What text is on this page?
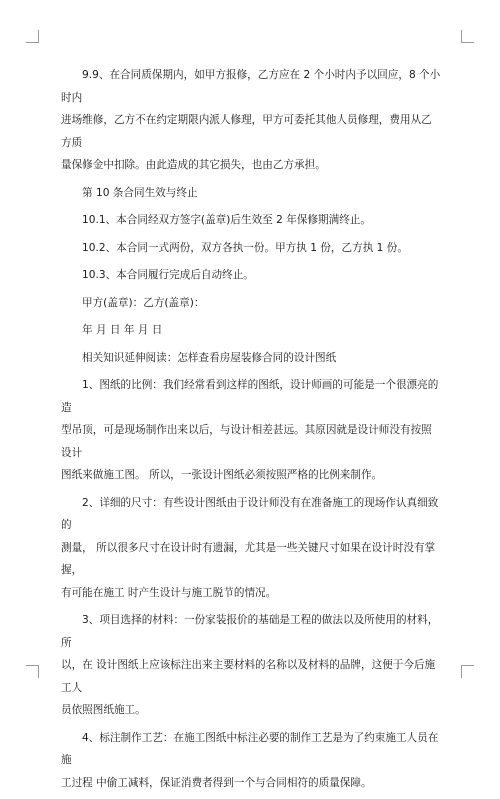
9.9、在合同质保期内，如甲方报修，乙方应在 2 个小时内予以回应，8 个小时内
进场维修，乙方不在约定期限内派人修理，甲方可委托其他人员修理，费用从乙方质
量保修金中扣除。由此造成的其它损失，也由乙方承担。

第 10 条合同生效与终止

10.1、本合同经双方签字(盖章)后生效至 2 年保修期满终止。

10.2、本合同一式两份，双方各执一份。甲方执 1 份，乙方执 1 份。

10.3、本合同履行完成后自动终止。

甲方(盖章)：乙方(盖章)：

年 月 日 年 月 日

相关知识延伸阅读：怎样查看房屋装修合同的设计图纸

1、图纸的比例：我们经常看到这样的图纸，设计师画的可能是一个很漂亮的造
型吊顶，可是现场制作出来以后，与设计相差甚远。其原因就是设计师没有按照设计
图纸来做施工图。 所以，一张设计图纸必须按照严格的比例来制作。

2、详细的尺寸：有些设计图纸由于设计师没有在准备施工的现场作认真细致的
测量， 所以很多尺寸在设计时有遗漏，尤其是一些关键尺寸如果在设计时没有掌握，
有可能在施工 时产生设计与施工脱节的情况。

3、项目选择的材料：一份家装报价的基础是工程的做法以及所使用的材料，所
以，在 设计图纸上应该标注出来主要材料的名称以及材料的品牌，这便于今后施工人
员依照图纸施工。

4、标注制作工艺：在施工图纸中标注必要的制作工艺是为了约束施工人员在施
工过程 中偷工减料，保证消费者得到一个与合同相符的质量保障。
